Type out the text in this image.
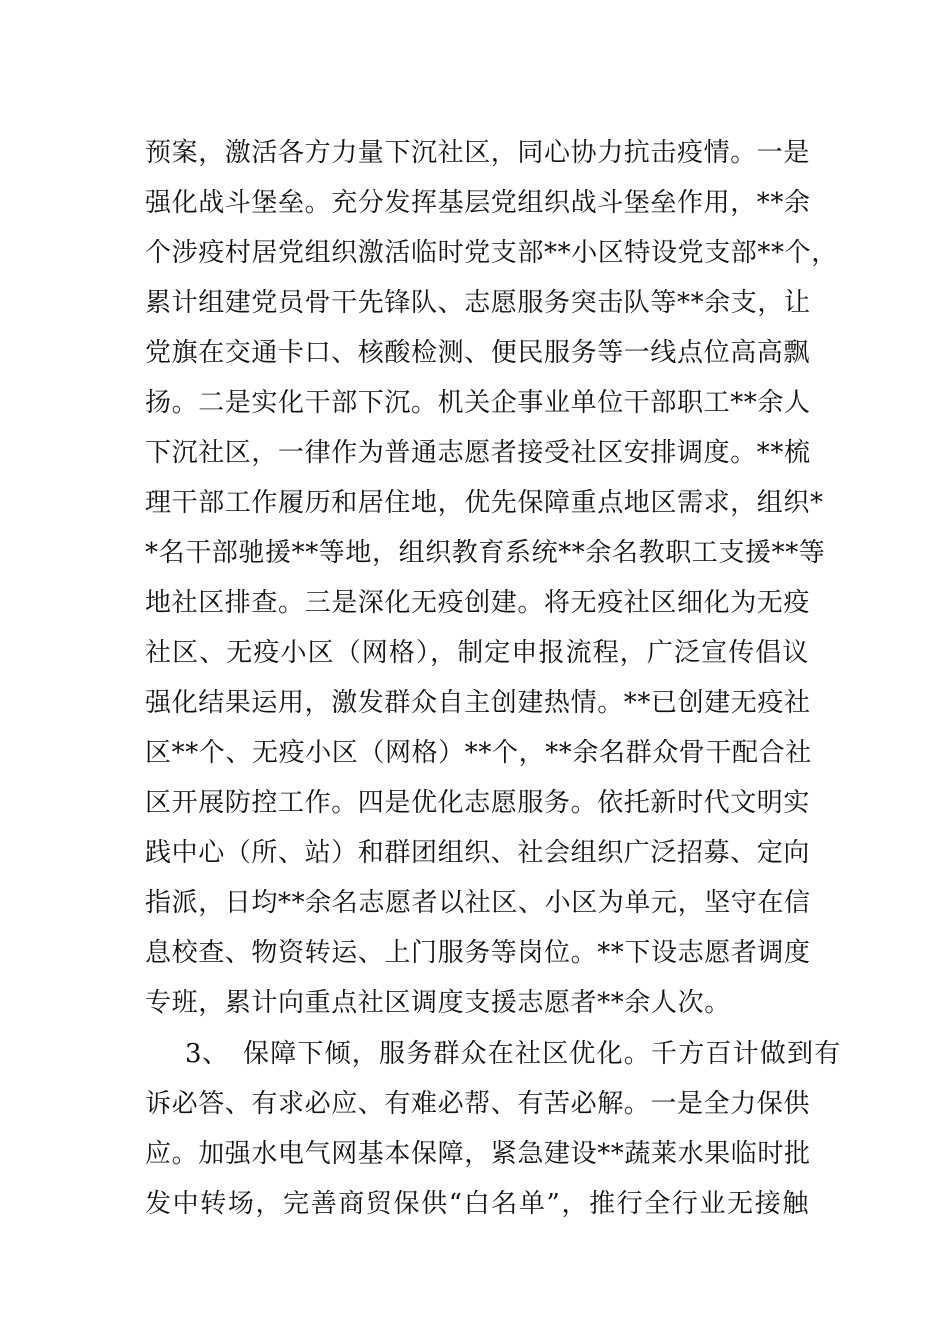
预案，激活各方力量下沉社区，同心协力抗击疫情。一是
强化战斗堡垒。充分发挥基层党组织战斗堡垒作用，**余
个涉疫村居党组织激活临时党支部**小区特设党支部**个，
累计组建党员骨干先锋队、志愿服务突击队等**余支，让
党旗在交通卡口、核酸检测、便民服务等一线点位高高飘
扬。二是实化干部下沉。机关企事业单位干部职工**余人
下沉社区，一律作为普通志愿者接受社区安排调度。**梳
理干部工作履历和居住地，优先保障重点地区需求，组织*
*名干部驰援**等地，组织教育系统**余名教职工支援**等
地社区排查。三是深化无疫创建。将无疫社区细化为无疫
社区、无疫小区（网格），制定申报流程，广泛宣传倡议
强化结果运用，激发群众自主创建热情。**已创建无疫社
区**个、无疫小区（网格）**个，**余名群众骨干配合社
区开展防控工作。四是优化志愿服务。依托新时代文明实
践中心（所、站）和群团组织、社会组织广泛招募、定向
指派，日均**余名志愿者以社区、小区为单元，坚守在信
息校查、物资转运、上门服务等岗位。**下设志愿者调度
专班，累计向重点社区调度支援志愿者**余人次。
3、 保障下倾，服务群众在社区优化。千方百计做到有
诉必答、有求必应、有难必帮、有苦必解。一是全力保供
应。加强水电气网基本保障，紧急建设**蔬莱水果临时批
发中转场，完善商贸保供“白名单”，推行全行业无接触
